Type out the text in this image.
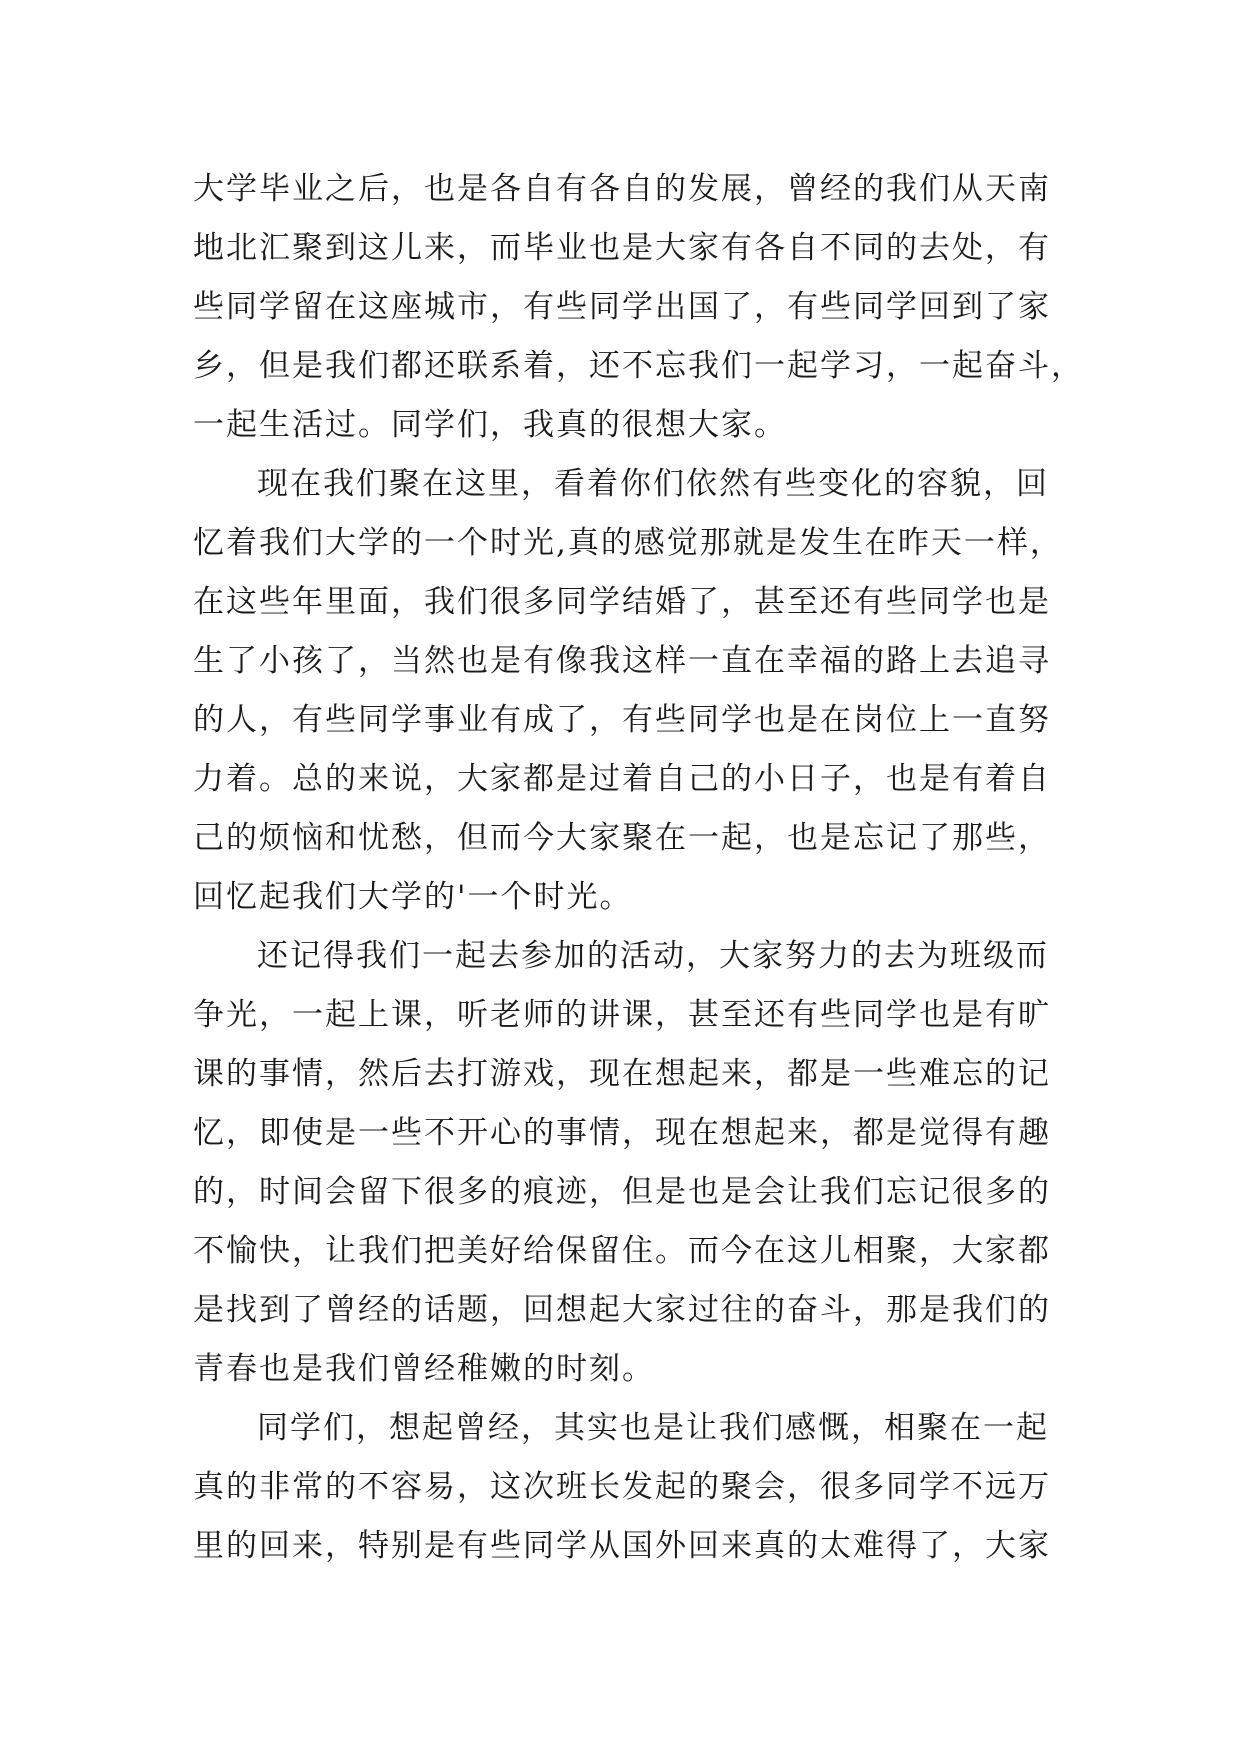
大学毕业之后，也是各自有各自的发展，曾经的我们从天南
地北汇聚到这儿来，而毕业也是大家有各自不同的去处，有
些同学留在这座城市，有些同学出国了，有些同学回到了家
乡，但是我们都还联系着，还不忘我们一起学习，一起奋斗，
一起生活过。同学们，我真的很想大家。
现在我们聚在这里，看着你们依然有些变化的容貌，回
忆着我们大学的一个时光,真的感觉那就是发生在昨天一样，
在这些年里面，我们很多同学结婚了，甚至还有些同学也是
生了小孩了，当然也是有像我这样一直在幸福的路上去追寻
的人，有些同学事业有成了，有些同学也是在岗位上一直努
力着。总的来说，大家都是过着自己的小日子，也是有着自
己的烦恼和忧愁，但而今大家聚在一起，也是忘记了那些，
回忆起我们大学的'一个时光。
还记得我们一起去参加的活动，大家努力的去为班级而
争光，一起上课，听老师的讲课，甚至还有些同学也是有旷
课的事情，然后去打游戏，现在想起来，都是一些难忘的记
忆，即使是一些不开心的事情，现在想起来，都是觉得有趣
的，时间会留下很多的痕迹，但是也是会让我们忘记很多的
不愉快，让我们把美好给保留住。而今在这儿相聚，大家都
是找到了曾经的话题，回想起大家过往的奋斗，那是我们的
青春也是我们曾经稚嫩的时刻。
同学们，想起曾经，其实也是让我们感慨，相聚在一起
真的非常的不容易，这次班长发起的聚会，很多同学不远万
里的回来，特别是有些同学从国外回来真的太难得了，大家
